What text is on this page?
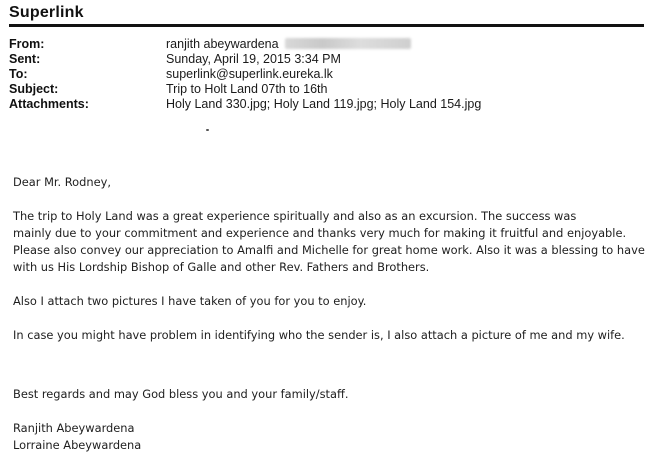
Superlink
From:	ranjith abeywardena
Sent:	Sunday, April 19, 2015 3:34 PM
To:	superlink@superlink.eureka.lk
Subject:	Trip to Holt Land 07th to 16th
Attachments:	Holy Land 330.jpg; Holy Land 119.jpg; Holy Land 154.jpg

Dear Mr. Rodney,

The trip to Holy Land was a great experience spiritually and also as an excursion. The success was

mainly due to your commitment and experience and thanks very much for making it fruitful and enjoyable.

Please also convey our appreciation to Amalfi and Michelle for great home work. Also it was a blessing to have

with us His Lordship Bishop of Galle and other Rev. Fathers and Brothers.

Also I attach two pictures I have taken of you for you to enjoy.

In case you might have problem in identifying who the sender is, I also attach a picture of me and my wife.

Best regards and may God bless you and your family/staff.

Ranjith Abeywardena

Lorraine Abeywardena
